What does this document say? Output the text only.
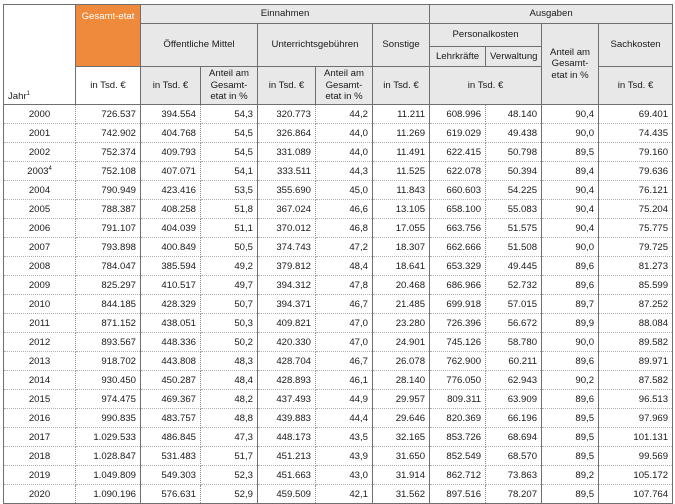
Jahr$^1$	Gesamt-etat	Einnahmen					Ausgaben			
		Öffentliche Mittel		Unterrichtsgebühren		Sonstige	Personalkosten		Anteil am Gesamt-etat in %	Sachkosten
							Lehrkräfte	Verwaltung		
	in Tsd. €	in Tsd. €	Anteil am Gesamt-etat in %	in Tsd. €	Anteil am Gesamt-etat in %	in Tsd. €	in Tsd. €			in Tsd. €
2000	726.537	394.554	54,3	320.773	44,2	11.211	608.996	48.140	90,4	69.401
2001	742.902	404.768	54,5	326.864	44,0	11.269	619.029	49.438	90,0	74.435
2002	752.374	409.793	54,5	331.089	44,0	11.491	622.415	50.798	89,5	79.160
2003$^4$	752.108	407.071	54,1	333.511	44,3	11.525	622.078	50.394	89,4	79.636
2004	790.949	423.416	53,5	355.690	45,0	11.843	660.603	54.225	90,4	76.121
2005	788.387	408.258	51,8	367.024	46,6	13.105	658.100	55.083	90,4	75.204
2006	791.107	404.039	51,1	370.012	46,8	17.055	663.756	51.575	90,4	75.775
2007	793.898	400.849	50,5	374.743	47,2	18.307	662.666	51.508	90,0	79.725
2008	784.047	385.594	49,2	379.812	48,4	18.641	653.329	49.445	89,6	81.273
2009	825.297	410.517	49,7	394.312	47,8	20.468	686.966	52.732	89,6	85.599
2010	844.185	428.329	50,7	394.371	46,7	21.485	699.918	57.015	89,7	87.252
2011	871.152	438.051	50,3	409.821	47,0	23.280	726.396	56.672	89,9	88.084
2012	893.567	448.336	50,2	420.330	47,0	24.901	745.126	58.780	90,0	89.582
2013	918.702	443.808	48,3	428.704	46,7	26.078	762.900	60.211	89,6	89.971
2014	930.450	450.287	48,4	428.893	46,1	28.140	776.050	62.943	90,2	87.582
2015	974.475	469.367	48,2	437.493	44,9	29.957	809.311	63.909	89,6	96.513
2016	990.835	483.757	48,8	439.883	44,4	29.646	820.369	66.196	89,5	97.969
2017	1.029.533	486.845	47,3	448.173	43,5	32.165	853.726	68.694	89,5	101.131
2018	1.028.847	531.483	51,7	451.213	43,9	31.650	852.549	68.570	89,5	99.569
2019	1.049.809	549.303	52,3	451.663	43,0	31.914	862.712	73.863	89,2	105.172
2020	1.090.196	576.631	52,9	459.509	42,1	31.562	897.516	78.207	89,5	107.764
